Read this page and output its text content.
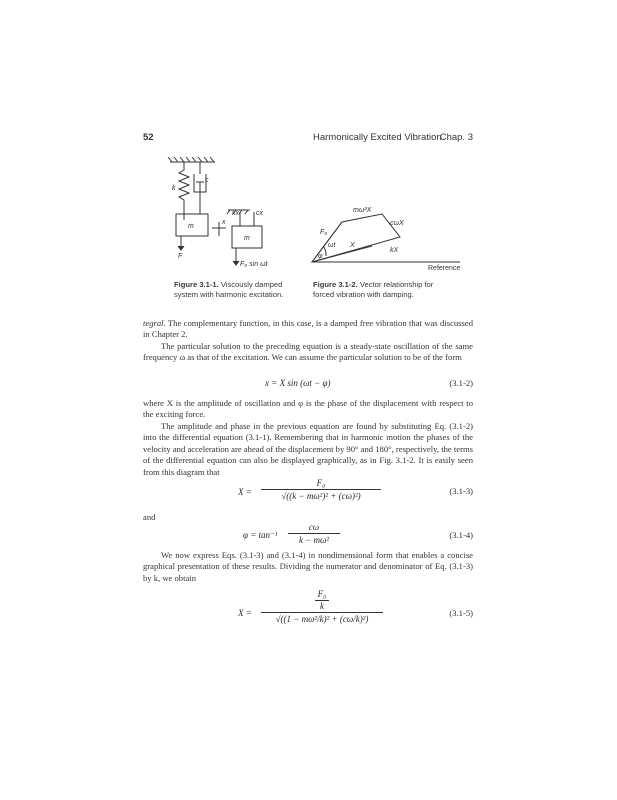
52	Harmonically Excited Vibration
Chap. 3
k
c
m
F
x
kx cẋ
m
F₀ sin ωt
mω²X
cωX
kX
F₀
X
ωt
φ
Reference
Figure 3.1-1. Viscously damped system with harmonic excitation.
Figure 3.1-2. Vector relationship for forced vibration with damping.

tegral. The complementary function, in this case, is a damped free vibration that was discussed in Chapter 2.

The particular solution to the preceding equation is a steady-state oscillation of the same frequency ω as that of the excitation. We can assume the particular solution to be of the form

x = X sin (ωt − φ)	(3.1-2)

where X is the amplitude of oscillation and φ is the phase of the displacement with respect to the exciting force.

The amplitude and phase in the previous equation are found by substituting Eq. (3.1-2) into the differential equation (3.1-1). Remembering that in harmonic motion the phases of the velocity and acceleration are ahead of the displacement by 90° and 180°, respectively, the terms of the differential equation can also be displayed graphically, as in Fig. 3.1-2. It is easily seen from this diagram that

X =
F₀
√((k − mω²)² + (cω)²)	(3.1-3)

and

φ = tan⁻¹
cω
k − mω²	(3.1-4)

We now express Eqs. (3.1-3) and (3.1-4) in nondimensional form that enables a concise graphical presentation of these results. Dividing the numerator and denominator of Eq. (3.1-3) by k, we obtain

X =
F₀
k
√((1 − mω²/k)² + (cω/k)²)
(3.1-5)
